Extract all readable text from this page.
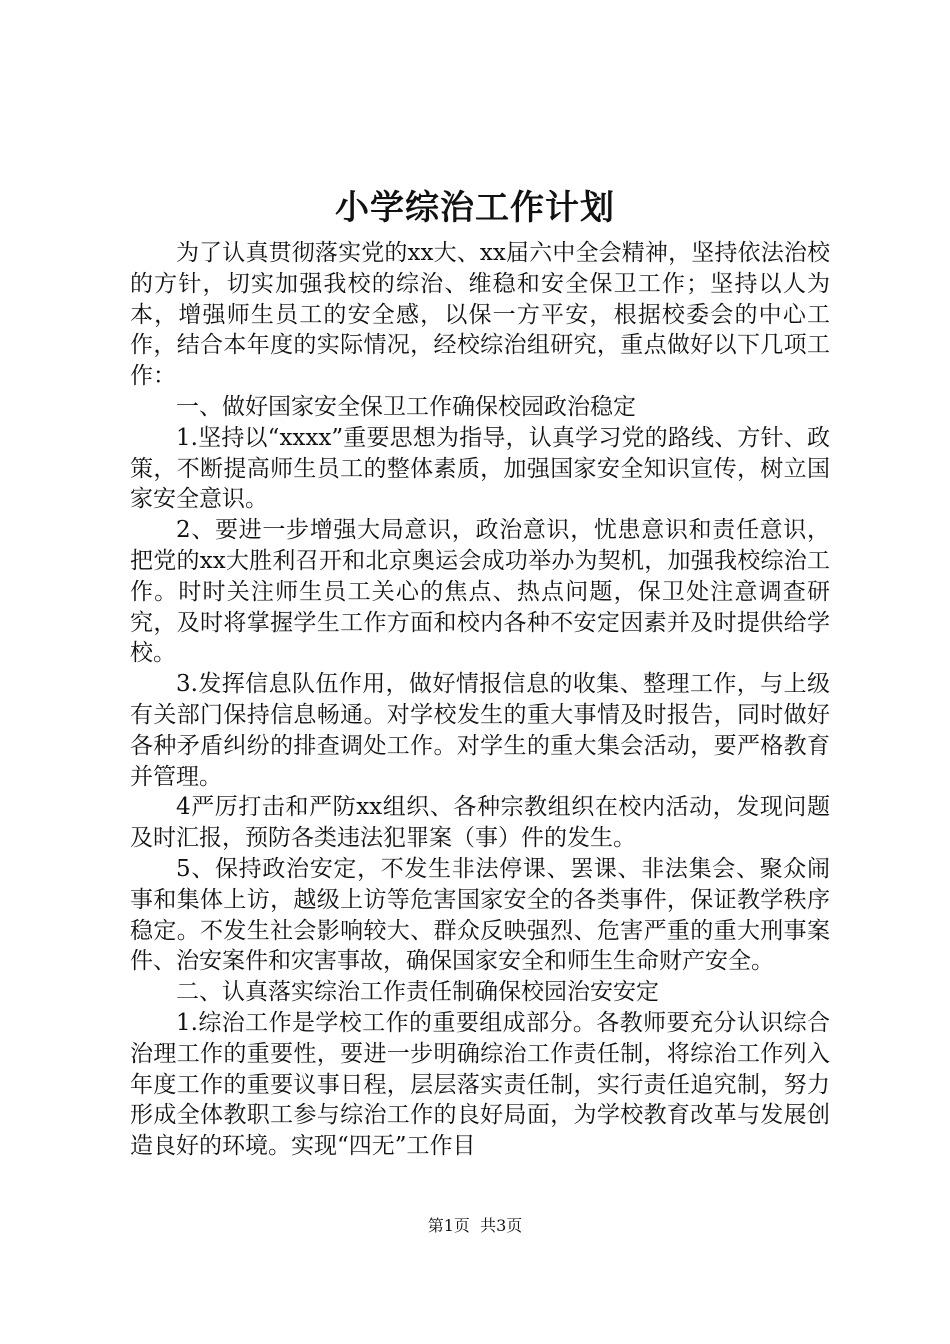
小学综治工作计划

为了认真贯彻落实党的xx大、xx届六中全会精神，坚持依法治校的方针，切实加强我校的综治、维稳和安全保卫工作；坚持以人为本，增强师生员工的安全感，以保一方平安，根据校委会的中心工作，结合本年度的实际情况，经校综治组研究，重点做好以下几项工作：

一、做好国家安全保卫工作确保校园政治稳定

1.坚持以“xxxx”重要思想为指导，认真学习党的路线、方针、政策，不断提高师生员工的整体素质，加强国家安全知识宣传，树立国家安全意识。

2、要进一步增强大局意识，政治意识，忧患意识和责任意识，把党的xx大胜利召开和北京奥运会成功举办为契机，加强我校综治工作。时时关注师生员工关心的焦点、热点问题，保卫处注意调查研究，及时将掌握学生工作方面和校内各种不安定因素并及时提供给学校。

3.发挥信息队伍作用，做好情报信息的收集、整理工作，与上级有关部门保持信息畅通。对学校发生的重大事情及时报告，同时做好各种矛盾纠纷的排查调处工作。对学生的重大集会活动，要严格教育并管理。

4严厉打击和严防xx组织、各种宗教组织在校内活动，发现问题及时汇报，预防各类违法犯罪案（事）件的发生。

5、保持政治安定，不发生非法停课、罢课、非法集会、聚众闹事和集体上访，越级上访等危害国家安全的各类事件，保证教学秩序稳定。不发生社会影响较大、群众反映强烈、危害严重的重大刑事案件、治安案件和灾害事故，确保国家安全和师生生命财产安全。

二、认真落实综治工作责任制确保校园治安安定

1.综治工作是学校工作的重要组成部分。各教师要充分认识综合治理工作的重要性，要进一步明确综治工作责任制，将综治工作列入年度工作的重要议事日程，层层落实责任制，实行责任追究制，努力形成全体教职工参与综治工作的良好局面，为学校教育改革与发展创造良好的环境。实现“四无”工作目

第1页  共3页
